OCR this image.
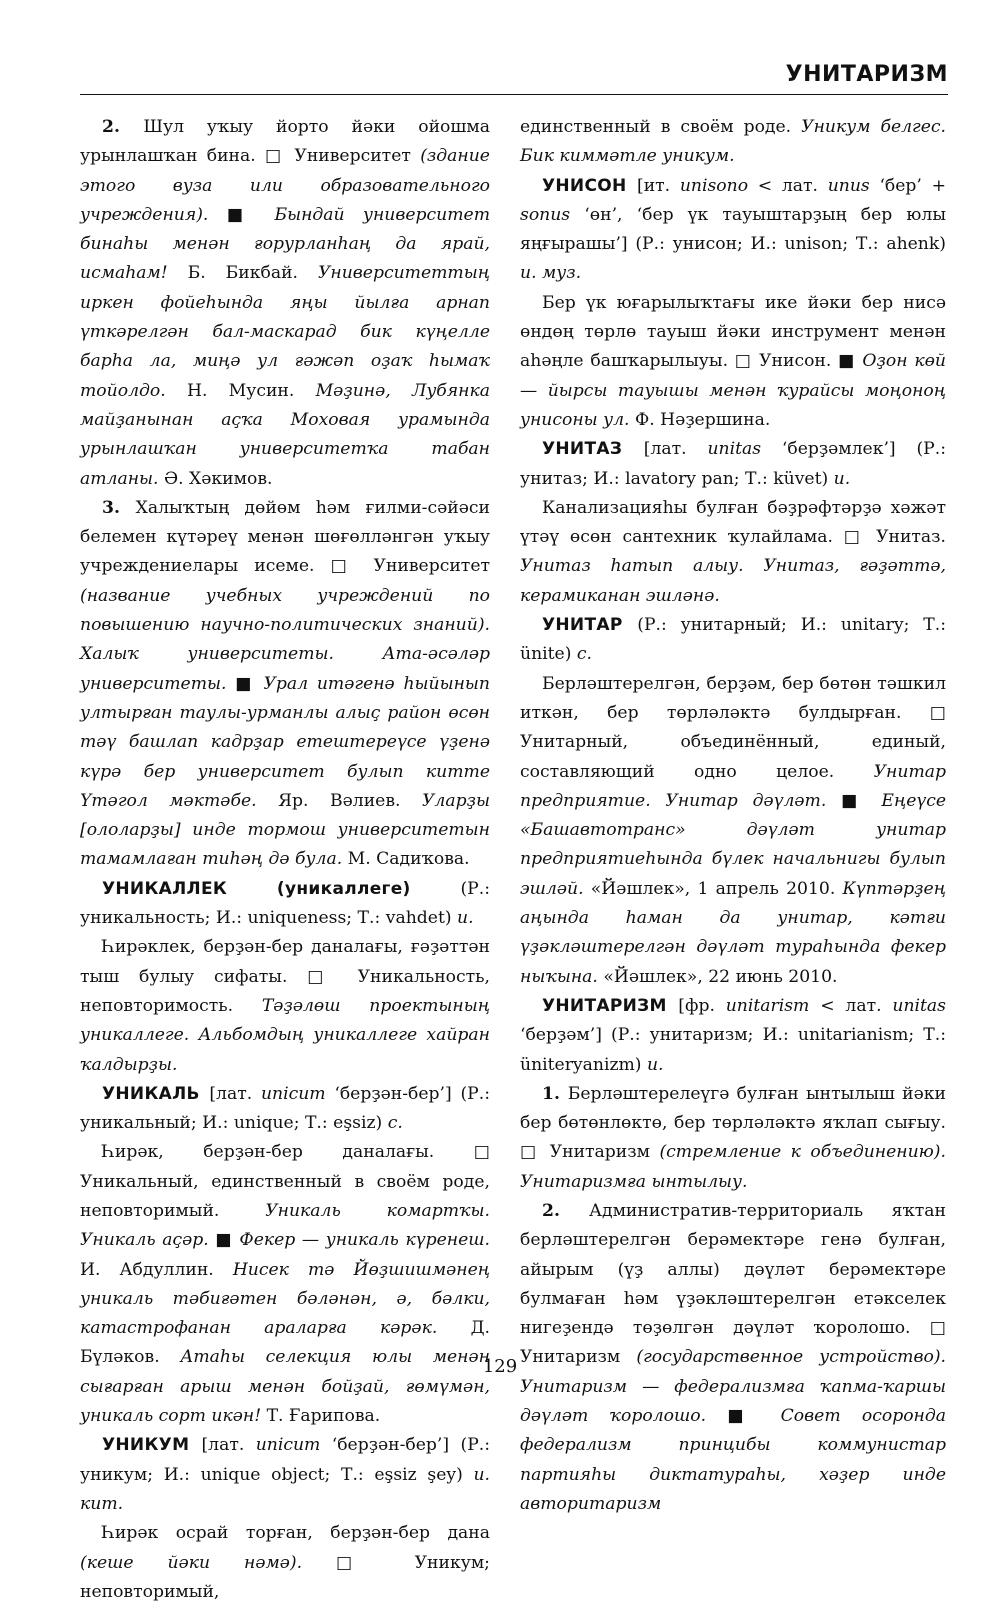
УНИТАРИЗМ

2. Шул уҡыу йорто йәки ойошма урынлашҡан бина. □ Университет (здание этого вуза или образовательного учреждения). ■ Бындай университет бинаһы менән ғорурланһаң да ярай, исмаһам! Б. Бикбай. Университеттың иркен фойеһында яңы йылға арнап үткәрелгән бал-маскарад бик күңелле барһа ла, миңә ул ғәжәп оҙаҡ һымаҡ тойолдо. Н. Мусин. Мәҙинә, Лубянка майҙанынан аҫҡа Моховая урамында урынлашҡан университетҡа табан атланы. Ә. Хәкимов.

3. Халыҡтың дөйөм һәм ғилми-сәйәси белемен күтәреү менән шөғөлләнгән уҡыу учреждениелары исеме. □ Университет (название учебных учреждений по повышению научно-политических знаний). Халыҡ университеты. Ата-әсәләр университеты. ■ Урал итәгенә һыйынып ултырған таулы-урманлы алыҫ район өсөн тәү башлап кадрҙар етештереүсе үҙенә күрә бер университет булып китте Үтәгол мәктәбе. Яр. Вәлиев. Уларҙы [ололарҙы] инде тормош университетын тамамлаған тиһәң дә була. М. Садиҡова.

УНИКАЛЛЕК (уникаллеге) (Р.: уникальность; И.: uniqueness; Т.: vahdet) и.

Һирәклек, берҙән-бер даналағы, ғәҙәттән тыш булыу сифаты. □ Уникальность, неповторимость. Тәҙәлөш проектының уникаллеге. Альбомдың уникаллеге хайран ҡалдырҙы.

УНИКАЛЬ [лат. unicum ‘берҙән-бер’] (Р.: уникальный; И.: unique; Т.: eşsiz) с.

Һирәк, берҙән-бер даналағы. □ Уникальный, единственный в своём роде, неповторимый. Уникаль комартҡы. Уникаль аҫәр. ■ Фекер — уникаль күренеш. И. Абдуллин. Нисек тә Йөҙшишмәнең уникаль тәбиғәтен бәләнән, ә, бәлки, катастрофанан араларға кәрәк. Д. Бүләков. Атаһы селекция юлы менән сығарған арыш менән бойҙай, ғөмүмән, уникаль сорт икән! Т. Ғарипова.

УНИКУМ [лат. unicum ‘берҙән-бер’] (Р.: уникум; И.: unique object; Т.: eşsiz şey) и. кит.

Һирәк осрай торған, берҙән-бер дана (кеше йәки нәмә). □ Уникум; неповторимый,

единственный в своём роде. Уникум белгес. Бик киммәтле уникум.

УНИСОН [ит. unisono < лат. unus ‘бер’ + sonus ‘өн’, ‘бер үк тауыштарҙың бер юлы яңғырашы’] (Р.: унисон; И.: unison; Т.: ahenk) и. муз.

Бер үк юғарылыҡтағы ике йәки бер нисә өндөң төрлө тауыш йәки инструмент менән аһәңле башҡарылыуы. □ Унисон. ■ Оҙон көй — йырсы тауышы менән ҡурайсы моңоноң унисоны ул. Ф. Нәҙершина.

УНИТАЗ [лат. unitas ‘берҙәмлек’] (Р.: унитаз; И.: lavatory pan; Т.: küvet) и.

Канализацияһы булған бәҙрәфтәрҙә хәжәт үтәү өсөн сантехник ҡулайлама. □ Унитаз. Унитаз һатып алыу. Унитаз, ғәҙәттә, керамиканан эшләнә.

УНИТАР (Р.: унитарный; И.: unitary; Т.: ünite) с.

Берләштерелгән, берҙәм, бер бөтөн тәшкил иткән, бер төрләләктә булдырған. □ Унитарный, объединённый, единый, составляющий одно целое. Унитар предприятие. Унитар дәүләт. ■ Еңеүсе «Башавтотранс» дәүләт унитар предприятиеһында бүлек начальнигы булып эшләй. «Йәшлек», 1 апрель 2010. Күптәрҙең аңында һаман да унитар, кәтғи үҙәкләштерелгән дәүләт тураһында фекер ныҡына. «Йәшлек», 22 июнь 2010.

УНИТАРИЗМ [фр. unitarism < лат. unitas ‘берҙәм’] (Р.: унитаризм; И.: unitarianism; Т.: üniteryanizm) и.

1. Берләштерелеүгә булған ынтылыш йәки бер бөтөнлөктө, бер төрләләктә яҡлап сығыу. □ Унитаризм (стремление к объединению). Унитаризмға ынтылыу.

2. Административ-территориаль яҡтан берләштерелгән берәмектәре генә булған, айырым (үҙ аллы) дәүләт берәмектәре булмаған һәм үҙәкләштерелгән етәкселек нигеҙендә төҙөлгән дәүләт ҡоролошо. □ Унитаризм (государственное устройство). Унитаризм — федерализмға ҡапма-ҡаршы дәүләт ҡоролошо. ■ Совет осоронда федерализм принцибы коммунистар партияһы диктатураһы, хәҙер инде авторитаризм

129
